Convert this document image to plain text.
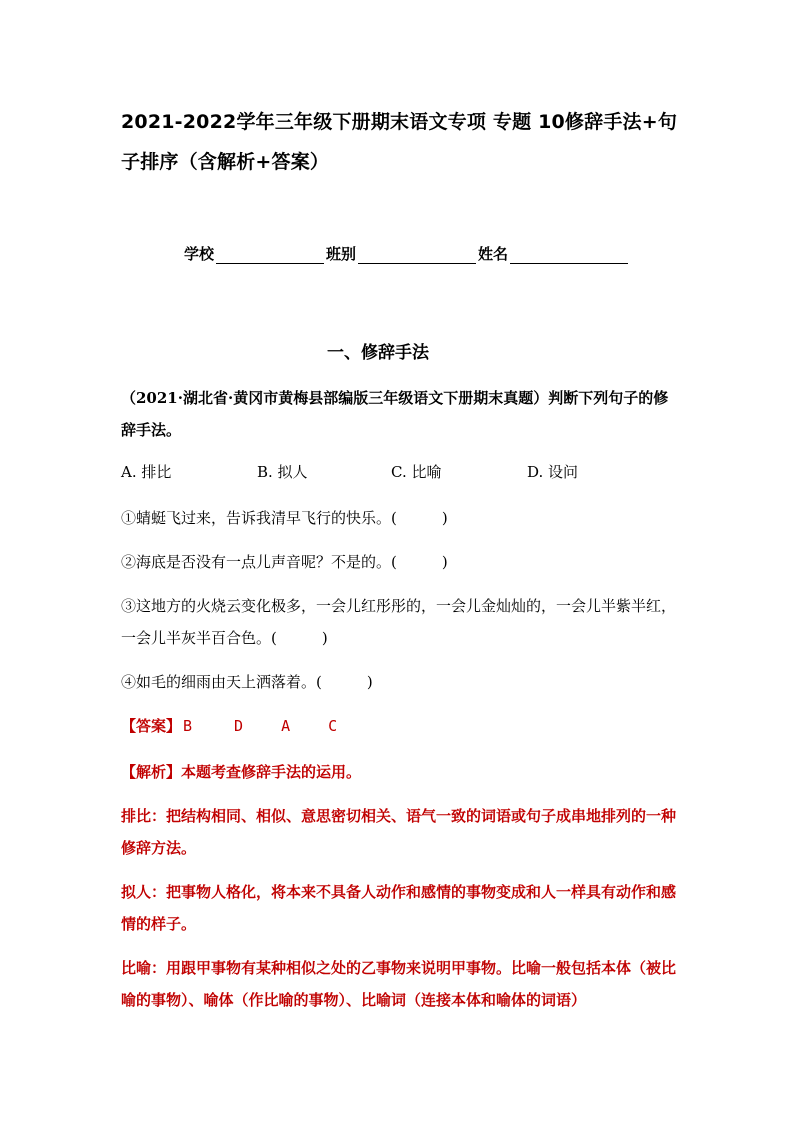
2021-2022学年三年级下册期末语文专项 专题 10修辞手法+句子排序（含解析+答案）
学校	班别	姓名
一、修辞手法
（2021·湖北省·黄冈市黄梅县部编版三年级语文下册期末真题）判断下列句子的修辞手法。
A. 排比	B. 拟人	C. 比喻	D. 设问
①蜻蜓飞过来，告诉我清早飞行的快乐。(　　　)
②海底是否没有一点儿声音呢？不是的。(　　　)
③这地方的火烧云变化极多，一会儿红彤彤的，一会儿金灿灿的，一会儿半紫半红，一会儿半灰半百合色。(　　　)
④如毛的细雨由天上洒落着。(　　　)
【答案】 B	D	A	C
【解析】本题考查修辞手法的运用。
排比：把结构相同、相似、意思密切相关、语气一致的词语或句子成串地排列的一种修辞方法。
拟人：把事物人格化，将本来不具备人动作和感情的事物变成和人一样具有动作和感情的样子。
比喻：用跟甲事物有某种相似之处的乙事物来说明甲事物。比喻一般包括本体（被比喻的事物）、喻体（作比喻的事物）、比喻词（连接本体和喻体的词语）
